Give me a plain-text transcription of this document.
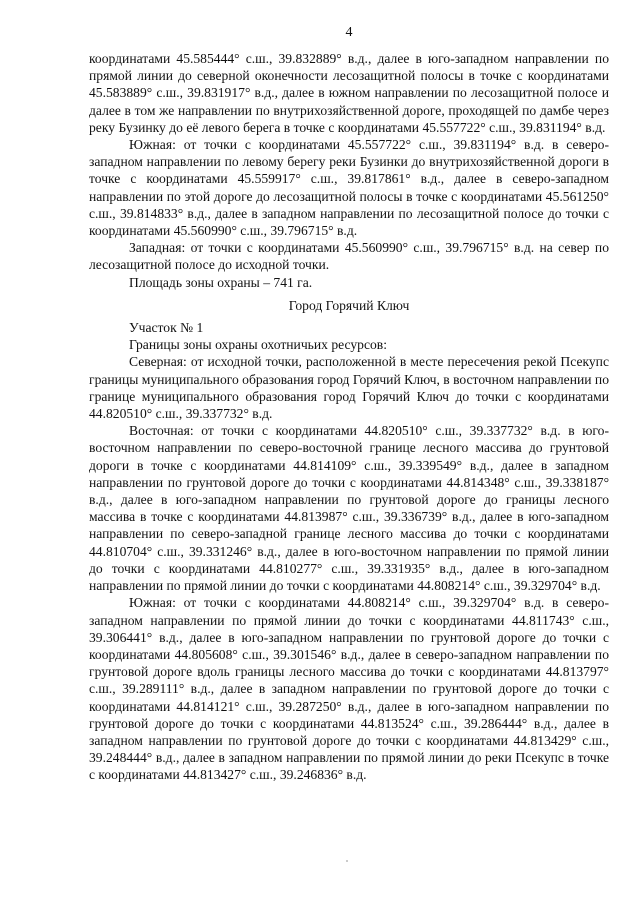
4

координатами 45.585444° с.ш., 39.832889° в.д., далее в юго-западном направлении по прямой линии до северной оконечности лесозащитной полосы в точке с координатами 45.583889° с.ш., 39.831917° в.д., далее в южном направлении по лесозащитной полосе и далее в том же направлении по внутрихозяйственной дороге, проходящей по дамбе через реку Бузинку до её левого берега в точке с координатами 45.557722° с.ш., 39.831194° в.д.

Южная: от точки с координатами 45.557722° с.ш., 39.831194° в.д. в северо-западном направлении по левому берегу реки Бузинки до внутрихозяйственной дороги в точке с координатами 45.559917° с.ш., 39.817861° в.д., далее в северо-западном направлении по этой дороге до лесозащитной полосы в точке с координатами 45.561250° с.ш., 39.814833° в.д., далее в западном направлении по лесозащитной полосе до точки с координатами 45.560990° с.ш., 39.796715° в.д.

Западная: от точки с координатами 45.560990° с.ш., 39.796715° в.д. на север по лесозащитной полосе до исходной точки.

Площадь зоны охраны – 741 га.

Город Горячий Ключ

Участок № 1

Границы зоны охраны охотничьих ресурсов:

Северная: от исходной точки, расположенной в месте пересечения рекой Псекупс границы муниципального образования город Горячий Ключ, в восточном направлении по границе муниципального образования город Горячий Ключ до точки с координатами 44.820510° с.ш., 39.337732° в.д.

Восточная: от точки с координатами 44.820510° с.ш., 39.337732° в.д. в юго-восточном направлении по северо-восточной границе лесного массива до грунтовой дороги в точке с координатами 44.814109° с.ш., 39.339549° в.д., далее в западном направлении по грунтовой дороге до точки с координатами 44.814348° с.ш., 39.338187° в.д., далее в юго-западном направлении по грунтовой дороге до границы лесного массива в точке с координатами 44.813987° с.ш., 39.336739° в.д., далее в юго-западном направлении по северо-западной границе лесного массива до точки с координатами 44.810704° с.ш., 39.331246° в.д., далее в юго-восточном направлении по прямой линии до точки с координатами 44.810277° с.ш., 39.331935° в.д., далее в юго-западном направлении по прямой линии до точки с координатами 44.808214° с.ш., 39.329704° в.д.

Южная: от точки с координатами 44.808214° с.ш., 39.329704° в.д. в северо-западном направлении по прямой линии до точки с координатами 44.811743° с.ш., 39.306441° в.д., далее в юго-западном направлении по грунтовой дороге до точки с координатами 44.805608° с.ш., 39.301546° в.д., далее в северо-западном направлении по грунтовой дороге вдоль границы лесного массива до точки с координатами 44.813797° с.ш., 39.289111° в.д., далее в западном направлении по грунтовой дороге до точки с координатами 44.814121° с.ш., 39.287250° в.д., далее в юго-западном направлении по грунтовой дороге до точки с координатами 44.813524° с.ш., 39.286444° в.д., далее в западном направлении по грунтовой дороге до точки с координатами 44.813429° с.ш., 39.248444° в.д., далее в западном направлении по прямой линии до реки Псекупс в точке с координатами 44.813427° с.ш., 39.246836° в.д.
